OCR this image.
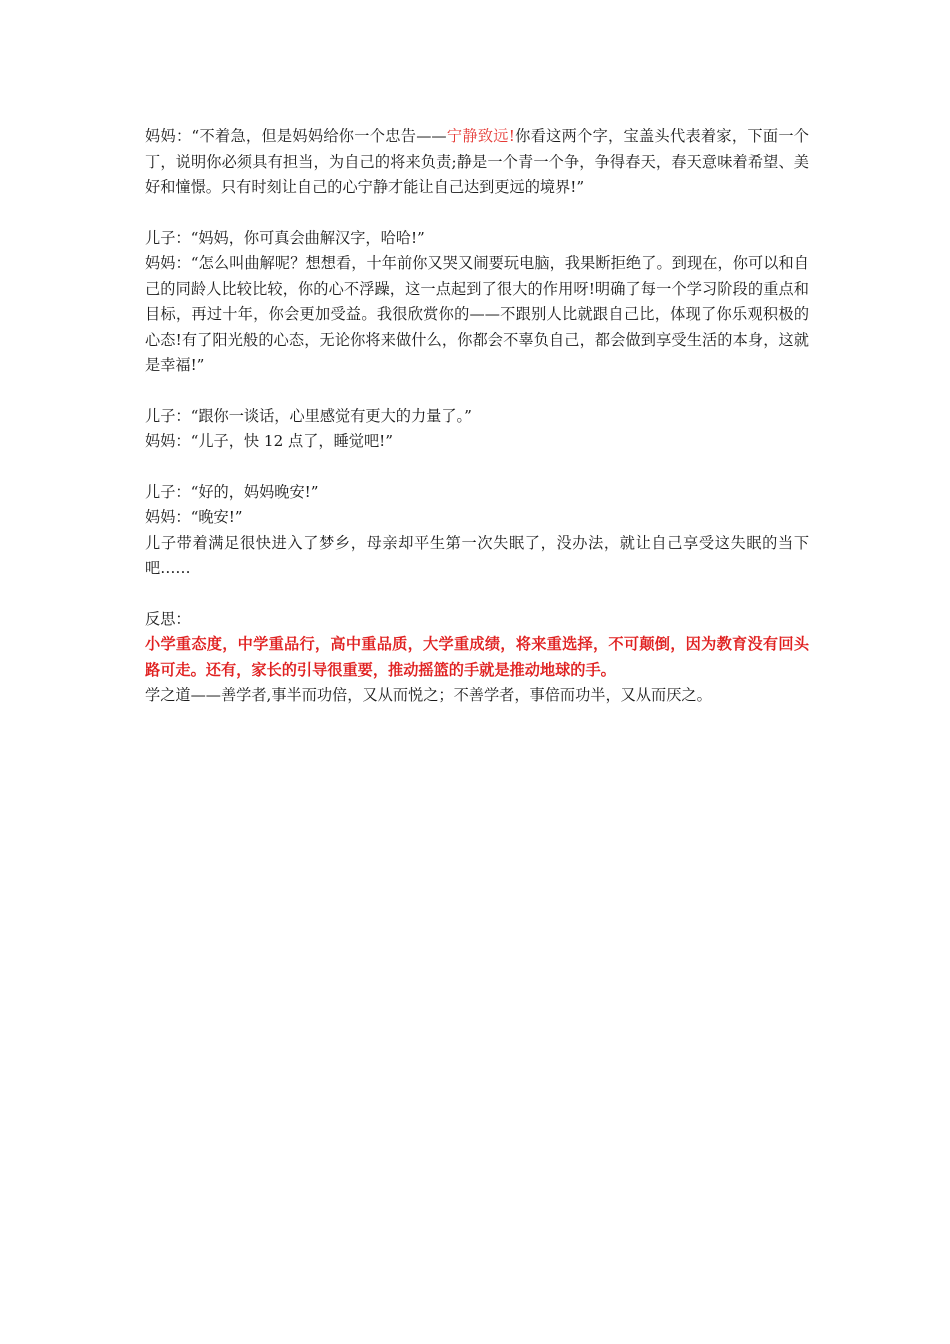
妈妈：“不着急，但是妈妈给你一个忠告——宁静致远!你看这两个字，宝盖头代表着家，下面一个丁，说明你必须具有担当，为自己的将来负责;静是一个青一个争，争得春天，春天意味着希望、美好和憧憬。只有时刻让自己的心宁静才能让自己达到更远的境界!”

儿子：“妈妈，你可真会曲解汉字，哈哈!”

妈妈：“怎么叫曲解呢？想想看，十年前你又哭又闹要玩电脑，我果断拒绝了。到现在，你可以和自己的同龄人比较比较，你的心不浮躁，这一点起到了很大的作用呀!明确了每一个学习阶段的重点和目标，再过十年，你会更加受益。我很欣赏你的——不跟别人比就跟自己比，体现了你乐观积极的心态!有了阳光般的心态，无论你将来做什么，你都会不辜负自己，都会做到享受生活的本身，这就是幸福!”

儿子：“跟你一谈话，心里感觉有更大的力量了。”

妈妈：“儿子，快 12 点了，睡觉吧!”

儿子：“好的，妈妈晚安!”

妈妈：“晚安!”

儿子带着满足很快进入了梦乡，母亲却平生第一次失眠了，没办法，就让自己享受这失眠的当下吧……

反思：

小学重态度，中学重品行，高中重品质，大学重成绩，将来重选择，不可颠倒，因为教育没有回头路可走。还有，家长的引导很重要，推动摇篮的手就是推动地球的手。

学之道——善学者,事半而功倍，又从而悦之；不善学者，事倍而功半，又从而厌之。
